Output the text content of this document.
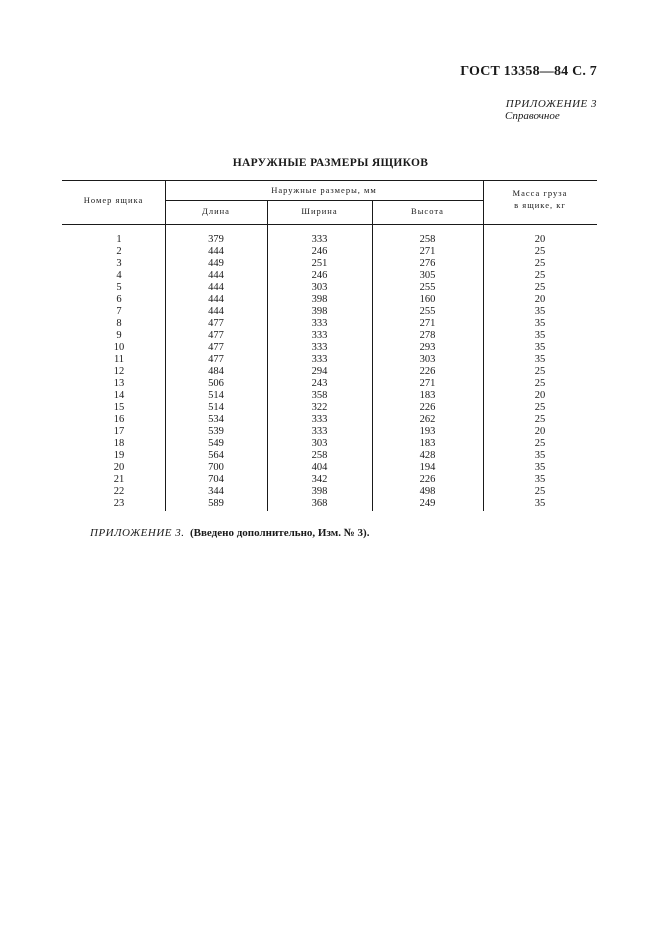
ГОСТ 13358—84 С. 7
ПРИЛОЖЕНИЕ 3
Справочное
НАРУЖНЫЕ РАЗМЕРЫ ЯЩИКОВ
Номер ящика
Наружные размеры, мм
Длина	Ширина	Высота
Масса груза
в ящике, кг
1
2
3
4
5
6
7
8
9
10
11
12
13
14
15
16
17
18
19
20
21
22
23
379
444
449
444
444
444
444
477
477
477
477
484
506
514
514
534
539
549
564
700
704
344
589
333
246
251
246
303
398
398
333
333
333
333
294
243
358
322
333
333
303
258
404
342
398
368
258
271
276
305
255
160
255
271
278
293
303
226
271
183
226
262
193
183
428
194
226
498
249
20
25
25
25
25
20
35
35
35
35
35
25
25
20
25
25
20
25
35
35
35
25
35
ПРИЛОЖЕНИЕ 3. (Введено дополнительно, Изм. № 3).
